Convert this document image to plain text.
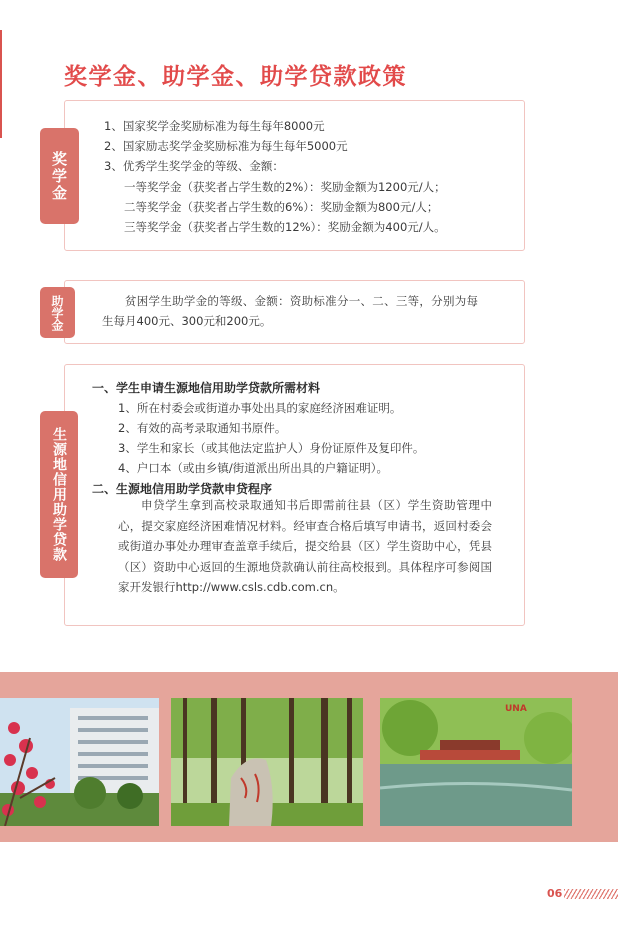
奖学金、助学金、助学贷款政策
奖学金
1、国家奖学金奖励标准为每生每年8000元
2、国家励志奖学金奖励标准为每生每年5000元
3、优秀学生奖学金的等级、金额：
一等奖学金（获奖者占学生数的2%）：奖励金额为1200元/人；
二等奖学金（获奖者占学生数的6%）：奖励金额为800元/人；
三等奖学金（获奖者占学生数的12%）：奖励金额为400元/人。
助学金	贫困学生助学金的等级、金额：资助标准分一、二、三等，分别为每生每月400元、300元和200元。
生源地信用助学贷款
一、学生申请生源地信用助学贷款所需材料
1、所在村委会或街道办事处出具的家庭经济困难证明。
2、有效的高考录取通知书原件。
3、学生和家长（或其他法定监护人）身份证原件及复印件。
4、户口本（或由乡镇/街道派出所出具的户籍证明）。
二、生源地信用助学贷款申贷程序
申贷学生拿到高校录取通知书后即需前往县（区）学生资助管理中心，提交家庭经济困难情况材料。经审查合格后填写申请书，返回村委会或街道办事处办理审查盖章手续后，提交给县（区）学生资助中心，凭县（区）资助中心返回的生源地贷款确认前往高校报到。具体程序可参阅国家开发银行http://www.csls.cdb.com.cn。
UNA
06
